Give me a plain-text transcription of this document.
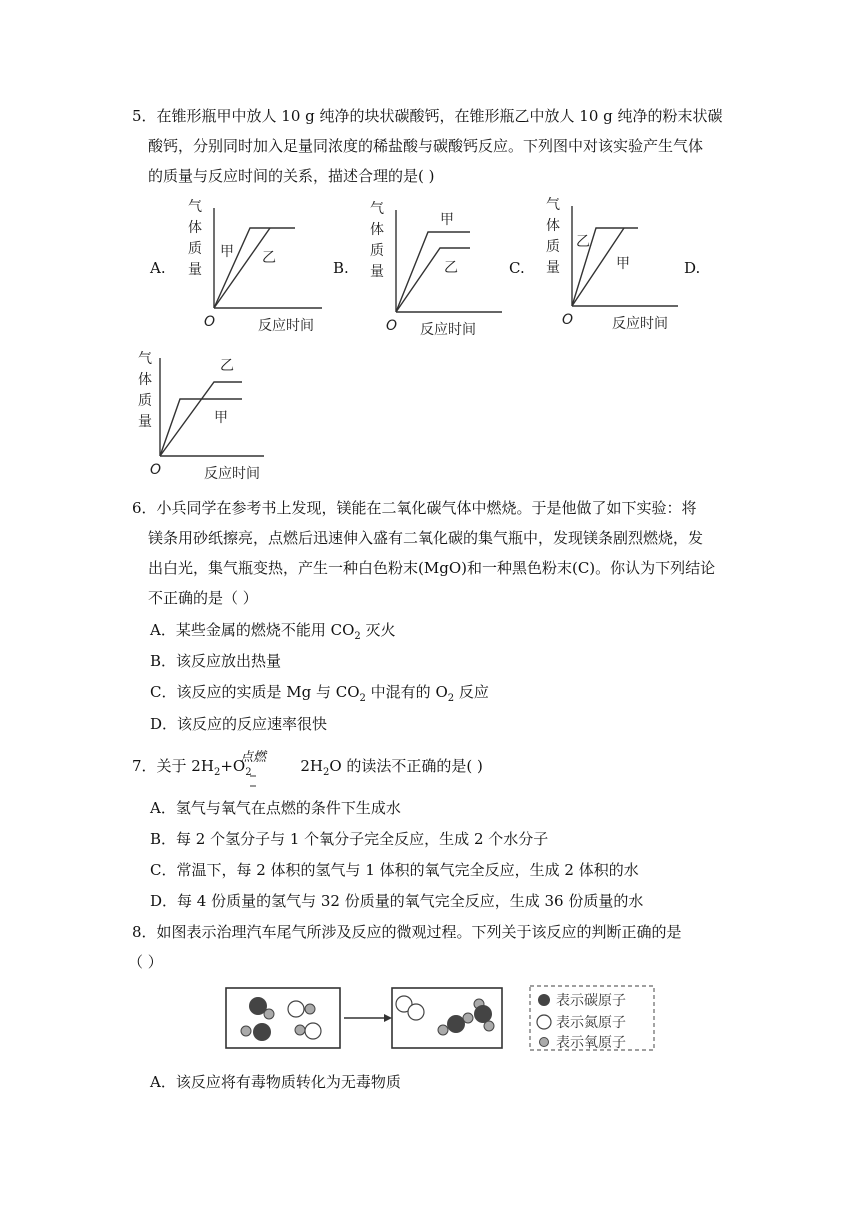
5．在锥形瓶甲中放人 10 g 纯净的块状碳酸钙，在锥形瓶乙中放人 10 g 纯净的粉末状碳
酸钙，分别同时加入足量同浓度的稀盐酸与碳酸钙反应。下列图中对该实验产生气体
的质量与反应时间的关系，描述合理的是( )
A.	B.	C.	D.
气
体
质
量
甲 乙
O	反应时间
气
体
质
量
甲
乙
O 反应时间
气
体
质
量
乙
甲
O	反应时间
气
体
质
量
乙
甲
O	反应时间
6．小兵同学在参考书上发现，镁能在二氧化碳气体中燃烧。于是他做了如下实验：将
镁条用砂纸擦亮，点燃后迅速伸入盛有二氧化碳的集气瓶中，发现镁条剧烈燃烧，发
出白光，集气瓶变热，产生一种白色粉末(MgO)和一种黑色粉末(C)。你认为下列结论
不正确的是（ ）
A．某些金属的燃烧不能用 $CO_2$ 灭火
B．该反应放出热量
C．该反应的实质是 Mg 与 $CO_2$ 中混有的 $O_2$ 反应
D．该反应的反应速率很快
7．关于 $2H_2+O_2$	$2H_2O$ 的读法不正确的是( )
点燃
A．氢气与氧气在点燃的条件下生成水
B．每 2 个氢分子与 1 个氧分子完全反应，生成 2 个水分子
C．常温下，每 2 体积的氢气与 1 体积的氧气完全反应，生成 2 体积的水
D．每 4 份质量的氢气与 32 份质量的氧气完全反应，生成 36 份质量的水
8．如图表示治理汽车尾气所涉及反应的微观过程。下列关于该反应的判断正确的是
（ ）
表示碳原子
表示氮原子
表示氧原子
A．该反应将有毒物质转化为无毒物质
